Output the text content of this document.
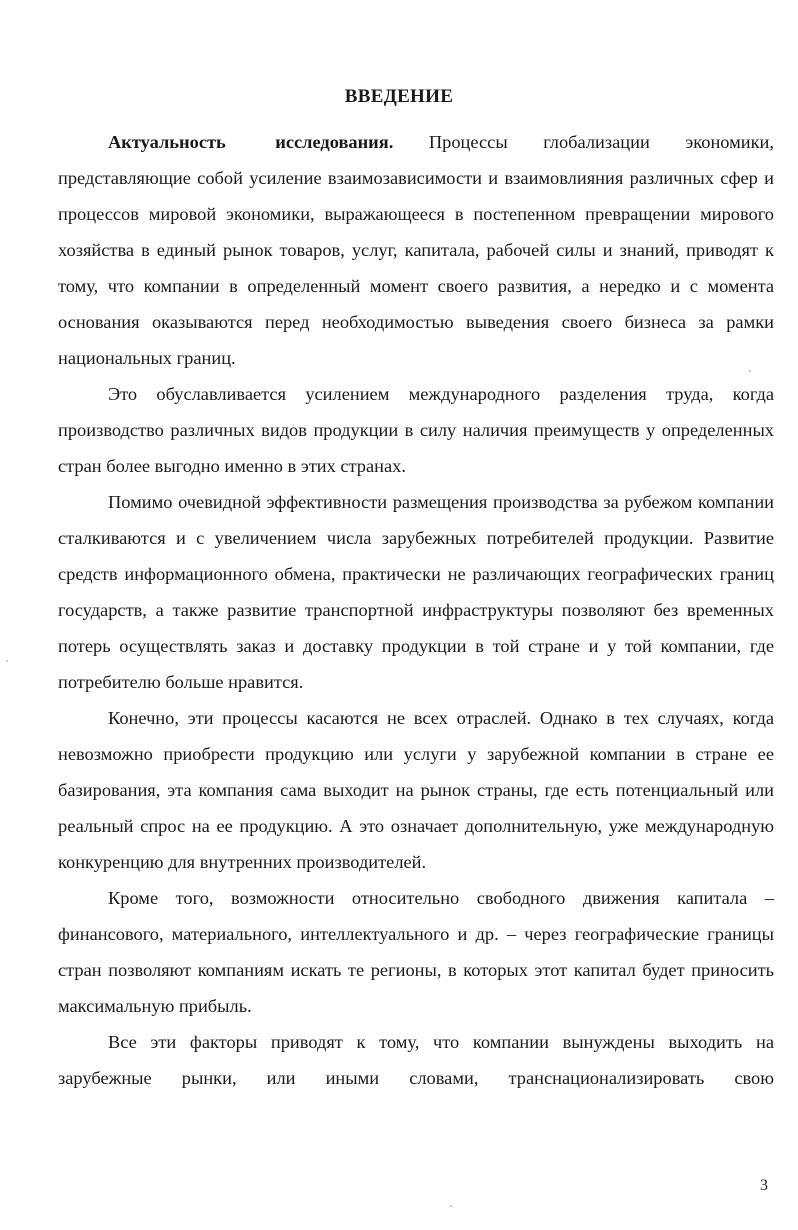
ВВЕДЕНИЕ

Актуальность исследования. Процессы глобализации экономики, представляющие собой усиление взаимозависимости и взаимовлияния различных сфер и процессов мировой экономики, выражающееся в постепенном превращении мирового хозяйства в единый рынок товаров, услуг, капитала, рабочей силы и знаний, приводят к тому, что компании в определенный момент своего развития, а нередко и с момента основания оказываются перед необходимостью выведения своего бизнеса за рамки национальных границ.

Это обуславливается усилением международного разделения труда, когда производство различных видов продукции в силу наличия преимуществ у определенных стран более выгодно именно в этих странах.

Помимо очевидной эффективности размещения производства за рубежом компании сталкиваются и с увеличением числа зарубежных потребителей продукции. Развитие средств информационного обмена, практически не различающих географических границ государств, а также развитие транспортной инфраструктуры позволяют без временных потерь осуществлять заказ и доставку продукции в той стране и у той компании, где потребителю больше нравится.

Конечно, эти процессы касаются не всех отраслей. Однако в тех случаях, когда невозможно приобрести продукцию или услуги у зарубежной компании в стране ее базирования, эта компания сама выходит на рынок страны, где есть потенциальный или реальный спрос на ее продукцию. А это означает дополнительную, уже международную конкуренцию для внутренних производителей.

Кроме того, возможности относительно свободного движения капитала – финансового, материального, интеллектуального и др. – через географические границы стран позволяют компаниям искать те регионы, в которых этот капитал будет приносить максимальную прибыль.

Все эти факторы приводят к тому, что компании вынуждены выходить на зарубежные рынки, или иными словами, транснационализировать свою

3
